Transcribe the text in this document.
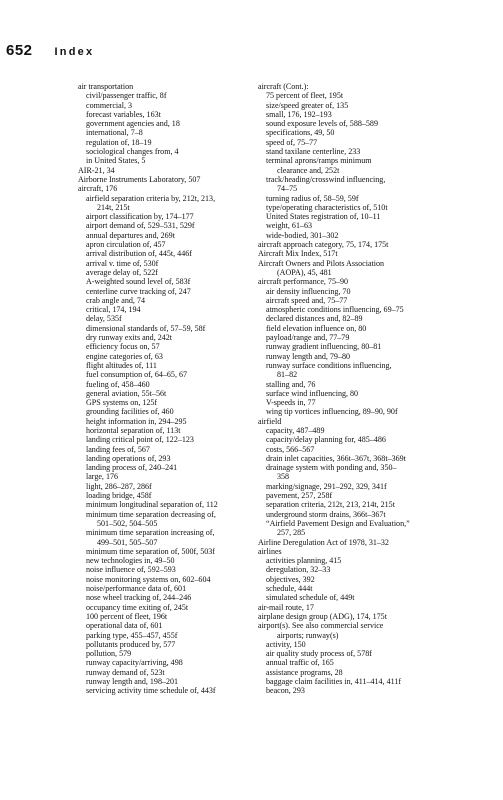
652 Index
air transportation
civil/passenger traffic, 8f
commercial, 3
forecast variables, 163t
government agencies and, 18
international, 7–8
regulation of, 18–19
sociological changes from, 4
in United States, 5
AIR-21, 34
Airborne Instruments Laboratory, 507
aircraft, 176
airfield separation criteria by, 212t, 213,
214t, 215t
airport classification by, 174–177
airport demand of, 529–531, 529f
annual departures and, 269t
apron circulation of, 457
arrival distribution of, 445t, 446f
arrival v. time of, 530f
average delay of, 522f
A-weighted sound level of, 583f
centerline curve tracking of, 247
crab angle and, 74
critical, 174, 194
delay, 535f
dimensional standards of, 57–59, 58f
dry runway exits and, 242t
efficiency focus on, 57
engine categories of, 63
flight altitudes of, 111
fuel consumption of, 64–65, 67
fueling of, 458–460
general aviation, 55t–56t
GPS systems on, 125f
grounding facilities of, 460
height information in, 294–295
horizontal separation of, 113t
landing critical point of, 122–123
landing fees of, 567
landing operations of, 293
landing process of, 240–241
large, 176
light, 286–287, 286f
loading bridge, 458f
minimum longitudinal separation of, 112
minimum time separation decreasing of,
501–502, 504–505
minimum time separation increasing of,
499–501, 505–507
minimum time separation of, 500f, 503f
new technologies in, 49–50
noise influence of, 592–593
noise monitoring systems on, 602–604
noise/performance data of, 601
nose wheel tracking of, 244–246
occupancy time exiting of, 245t
100 percent of fleet, 196t
operational data of, 601
parking type, 455–457, 455f
pollutants produced by, 577
pollution, 579
runway capacity/arriving, 498
runway demand of, 523t
runway length and, 198–201
servicing activity time schedule of, 443f
aircraft (Cont.):
75 percent of fleet, 195t
size/speed greater of, 135
small, 176, 192–193
sound exposure levels of, 588–589
specifications, 49, 50
speed of, 75–77
stand taxilane centerline, 233
terminal aprons/ramps minimum
clearance and, 252t
track/heading/crosswind influencing,
74–75
turning radius of, 58–59, 59f
type/operating characteristics of, 510t
United States registration of, 10–11
weight, 61–63
wide-bodied, 301–302
aircraft approach category, 75, 174, 175t
Aircraft Mix Index, 517t
Aircraft Owners and Pilots Association
(AOPA), 45, 481
aircraft performance, 75–90
air density influencing, 70
aircraft speed and, 75–77
atmospheric conditions influencing, 69–75
declared distances and, 82–89
field elevation influence on, 80
payload/range and, 77–79
runway gradient influencing, 80–81
runway length and, 79–80
runway surface conditions influencing,
81–82
stalling and, 76
surface wind influencing, 80
V-speeds in, 77
wing tip vortices influencing, 89–90, 90f
airfield
capacity, 487–489
capacity/delay planning for, 485–486
costs, 566–567
drain inlet capacities, 366t–367t, 368t–369t
drainage system with ponding and, 350–
358
marking/signage, 291–292, 329, 341f
pavement, 257, 258f
separation criteria, 212t, 213, 214t, 215t
underground storm drains, 366t–367t
“Airfield Pavement Design and Evaluation,”
257, 285
Airline Deregulation Act of 1978, 31–32
airlines
activities planning, 415
deregulation, 32–33
objectives, 392
schedule, 444t
simulated schedule of, 449t
air-mail route, 17
airplane design group (ADG), 174, 175t
airport(s). See also commercial service
airports; runway(s)
activity, 150
air quality study process of, 578f
annual traffic of, 165
assistance programs, 28
baggage claim facilities in, 411–414, 411f
beacon, 293
